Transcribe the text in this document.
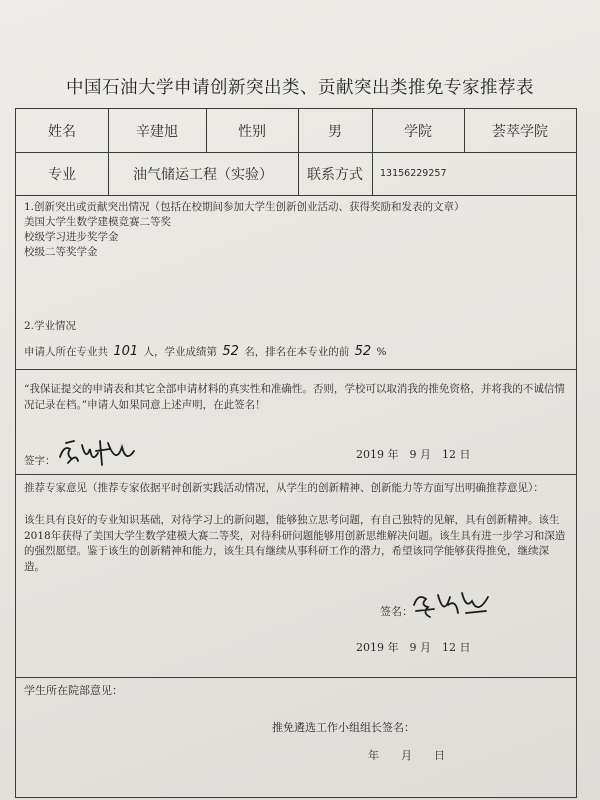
中国石油大学申请创新突出类、贡献突出类推免专家推荐表
姓名	辛建旭	性别	男	学院	荟萃学院
专业	油气储运工程（实验）	联系方式	13156229257
1.创新突出或贡献突出情况（包括在校期间参加大学生创新创业活动、获得奖励和发表的文章）
美国大学生数学建模竞赛二等奖
校级学习进步奖学金
校级二等奖学金
2.学业情况
申请人所在专业共 101 人，学业成绩第 52 名，排名在本专业的前 52 %
“我保证提交的申请表和其它全部申请材料的真实性和准确性。否则，学校可以取消我的推免资格，并将我的不诚信情况记录在档。”申请人如果同意上述声明，在此签名！
签字：	2019 年　9 月　12 日
推荐专家意见（推荐专家依据平时创新实践活动情况，从学生的创新精神、创新能力等方面写出明确推荐意见）：
该生具有良好的专业知识基础，对待学习上的新问题，能够独立思考问题，有自己独特的见解，具有创新精神。该生2018年获得了美国大学生数学建模大赛二等奖，对待科研问题能够用创新思维解决问题。该生具有进一步学习和深造的强烈愿望。鉴于该生的创新精神和能力，该生具有继续从事科研工作的潜力，希望该同学能够获得推免，继续深造。
签名：
2019 年　9 月　12 日
学生所在院部意见：
推免遴选工作小组组长签名：
年　　月　　日
